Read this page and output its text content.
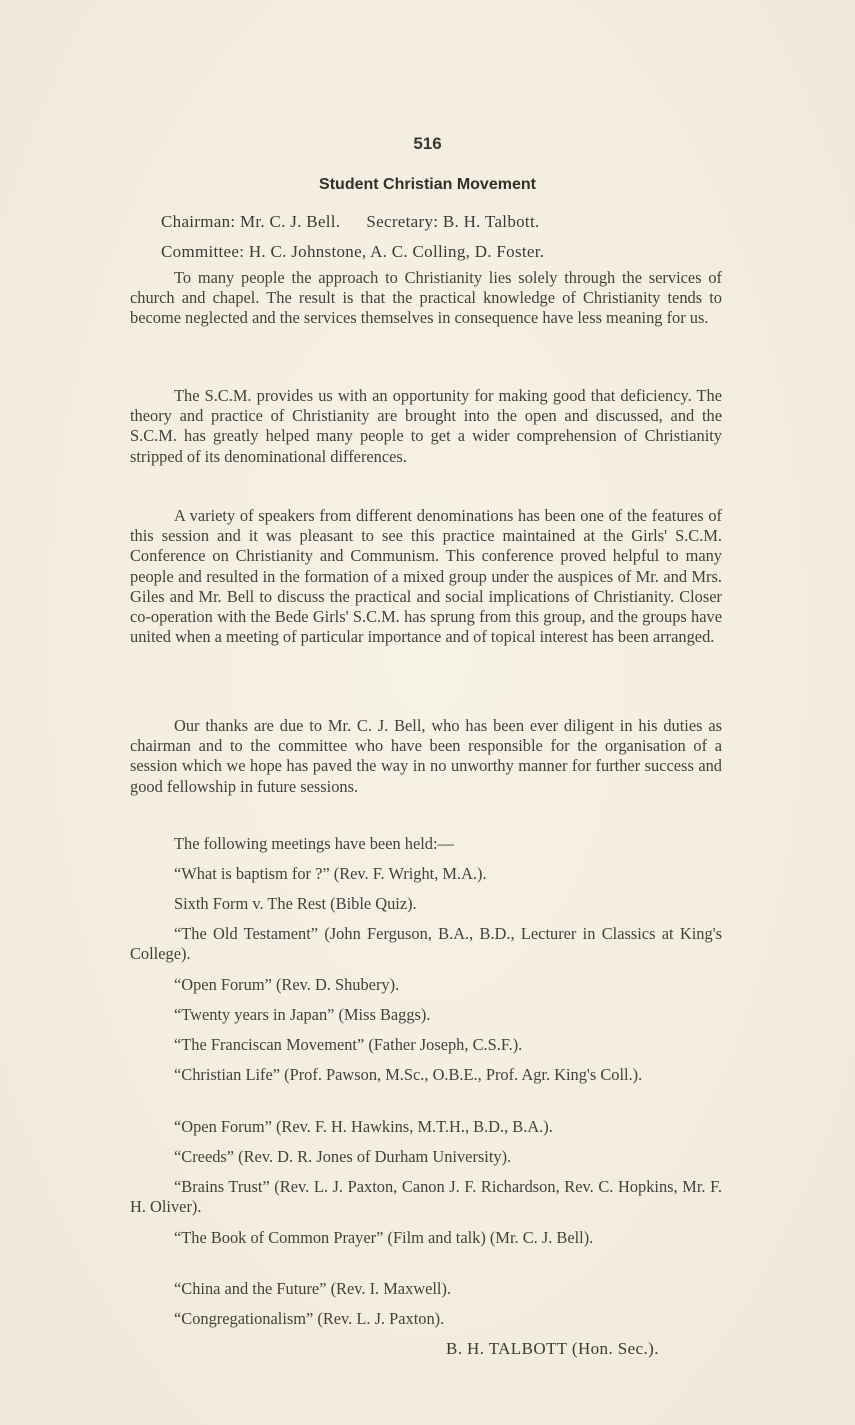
516
Student Christian Movement
Chairman: Mr. C. J. Bell. Secretary: B. H. Talbott.
Committee: H. C. Johnstone, A. C. Colling, D. Foster.

To many people the approach to Christianity lies solely through the services of church and chapel. The result is that the practical knowledge of Christianity tends to become neglected and the services themselves in consequence have less meaning for us.

The S.C.M. provides us with an opportunity for making good that deficiency. The theory and practice of Christianity are brought into the open and discussed, and the S.C.M. has greatly helped many people to get a wider comprehension of Christianity stripped of its denominational differences.

A variety of speakers from different denominations has been one of the features of this session and it was pleasant to see this practice maintained at the Girls' S.C.M. Conference on Christianity and Communism. This conference proved helpful to many people and resulted in the formation of a mixed group under the auspices of Mr. and Mrs. Giles and Mr. Bell to discuss the practical and social implications of Christianity. Closer co-operation with the Bede Girls' S.C.M. has sprung from this group, and the groups have united when a meeting of particular importance and of topical interest has been arranged.

Our thanks are due to Mr. C. J. Bell, who has been ever diligent in his duties as chairman and to the committee who have been responsible for the organisation of a session which we hope has paved the way in no unworthy manner for further success and good fellowship in future sessions.

The following meetings have been held:—
“What is baptism for ?” (Rev. F. Wright, M.A.).
Sixth Form v. The Rest (Bible Quiz).
“The Old Testament” (John Ferguson, B.A., B.D., Lecturer in Classics at King's College).
“Open Forum” (Rev. D. Shubery).
“Twenty years in Japan” (Miss Baggs).
“The Franciscan Movement” (Father Joseph, C.S.F.).
“Christian Life” (Prof. Pawson, M.Sc., O.B.E., Prof. Agr. King's Coll.).
“Open Forum” (Rev. F. H. Hawkins, M.T.H., B.D., B.A.).
“Creeds” (Rev. D. R. Jones of Durham University).
“Brains Trust” (Rev. L. J. Paxton, Canon J. F. Richardson, Rev. C. Hopkins, Mr. F. H. Oliver).
“The Book of Common Prayer” (Film and talk) (Mr. C. J. Bell).
“China and the Future” (Rev. I. Maxwell).
“Congregationalism” (Rev. L. J. Paxton).
B. H. TALBOTT (Hon. Sec.).
